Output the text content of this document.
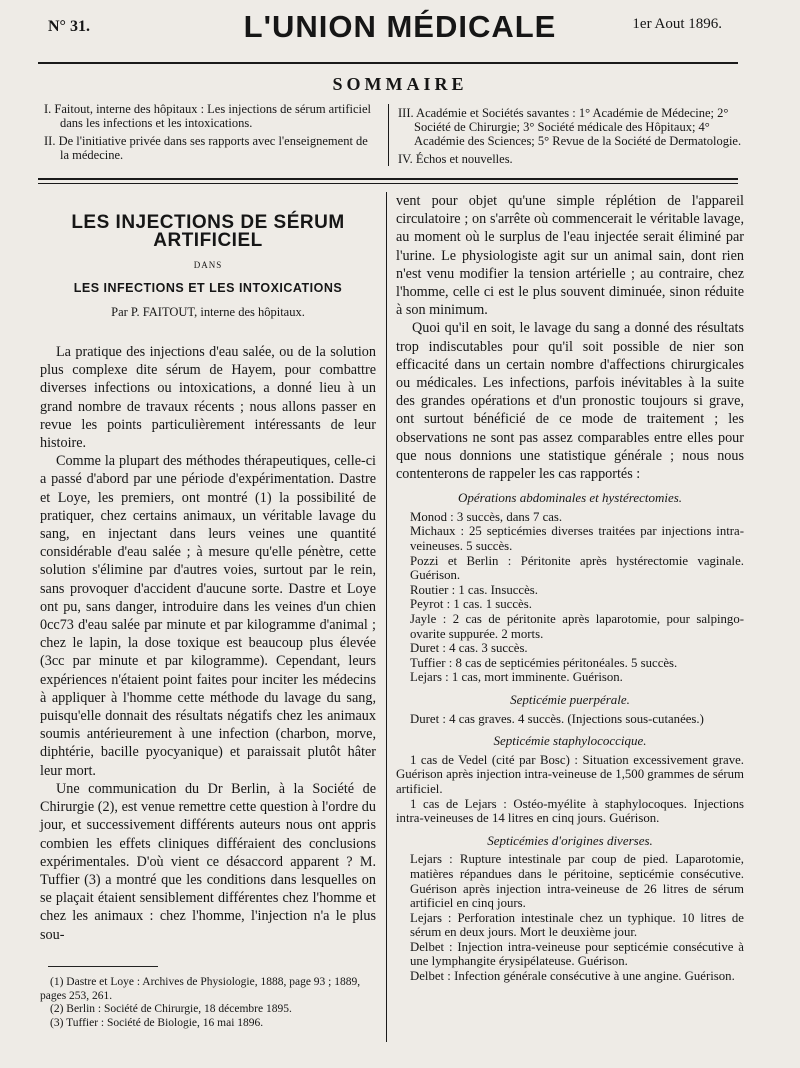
N° 31.	L'UNION MÉDICALE	1er Aout 1896.
SOMMAIRE

I. Faitout, interne des hôpitaux : Les injections de sérum artificiel dans les infections et les intoxications.

II. De l'initiative privée dans ses rapports avec l'enseignement de la médecine.

III. Académie et Sociétés savantes : 1° Académie de Médecine; 2° Société de Chirurgie; 3° Société médicale des Hôpitaux; 4° Académie des Sciences; 5° Revue de la Société de Dermatologie.

IV. Échos et nouvelles.

LES INJECTIONS DE SÉRUM ARTIFICIEL
DANS
LES INFECTIONS ET LES INTOXICATIONS
Par P. FAITOUT, interne des hôpitaux.

La pratique des injections d'eau salée, ou de la solution plus complexe dite sérum de Hayem, pour combattre diverses infections ou intoxications, a donné lieu à un grand nombre de travaux récents ; nous allons passer en revue les points particulièrement intéressants de leur histoire.

Comme la plupart des méthodes thérapeutiques, celle-ci a passé d'abord par une période d'expérimentation. Dastre et Loye, les premiers, ont montré (1) la possibilité de pratiquer, chez certains animaux, un véritable lavage du sang, en injectant dans leurs veines une quantité considérable d'eau salée ; à mesure qu'elle pénètre, cette solution s'élimine par d'autres voies, surtout par le rein, sans provoquer d'accident d'aucune sorte. Dastre et Loye ont pu, sans danger, introduire dans les veines d'un chien 0cc73 d'eau salée par minute et par kilogramme d'animal ; chez le lapin, la dose toxique est beaucoup plus élevée (3cc par minute et par kilogramme). Cependant, leurs expériences n'étaient point faites pour inciter les médecins à appliquer à l'homme cette méthode du lavage du sang, puisqu'elle donnait des résultats négatifs chez les animaux soumis antérieurement à une infection (charbon, morve, diphtérie, bacille pyocyanique) et paraissait plutôt hâter leur mort.

Une communication du Dr Berlin, à la Société de Chirurgie (2), est venue remettre cette question à l'ordre du jour, et successivement différents auteurs nous ont appris combien les effets cliniques différaient des conclusions expérimentales. D'où vient ce désaccord apparent ? M. Tuffier (3) a montré que les conditions dans lesquelles on se plaçait étaient sensiblement différentes chez l'homme et chez les animaux : chez l'homme, l'injection n'a le plus sou-

vent pour objet qu'une simple réplétion de l'appareil circulatoire ; on s'arrête où commencerait le véritable lavage, au moment où le surplus de l'eau injectée serait éliminé par l'urine. Le physiologiste agit sur un animal sain, dont rien n'est venu modifier la tension artérielle ; au contraire, chez l'homme, celle ci est le plus souvent diminuée, sinon réduite à son minimum.

Quoi qu'il en soit, le lavage du sang a donné des résultats trop indiscutables pour qu'il soit possible de nier son efficacité dans un certain nombre d'affections chirurgicales ou médicales. Les infections, parfois inévitables à la suite des grandes opérations et d'un pronostic toujours si grave, ont surtout bénéficié de ce mode de traitement ; les observations ne sont pas assez comparables entre elles pour que nous donnions une statistique générale ; nous nous contenterons de rappeler les cas rapportés :

Opérations abdominales et hystérectomies.

Monod : 3 succès, dans 7 cas.

Michaux : 25 septicémies diverses traitées par injections intra-veineuses. 5 succès.

Pozzi et Berlin : Péritonite après hystérectomie vaginale. Guérison.

Routier : 1 cas. Insuccès.

Peyrot : 1 cas. 1 succès.

Jayle : 2 cas de péritonite après laparotomie, pour salpingo-ovarite suppurée. 2 morts.

Duret : 4 cas. 3 succès.

Tuffier : 8 cas de septicémies péritonéales. 5 succès.

Lejars : 1 cas, mort imminente. Guérison.

Septicémie puerpérale.

Duret : 4 cas graves. 4 succès. (Injections sous-cutanées.)

Septicémie staphylococcique.

1 cas de Vedel (cité par Bosc) : Situation excessivement grave. Guérison après injection intra-veineuse de 1,500 grammes de sérum artificiel.

1 cas de Lejars : Ostéo-myélite à staphylocoques. Injections intra-veineuses de 14 litres en cinq jours. Guérison.

Septicémies d'origines diverses.

Lejars : Rupture intestinale par coup de pied. Laparotomie, matières répandues dans le péritoine, septicémie consécutive. Guérison après injection intra-veineuse de 26 litres de sérum artificiel en cinq jours.

Lejars : Perforation intestinale chez un typhique. 10 litres de sérum en deux jours. Mort le deuxième jour.

Delbet : Injection intra-veineuse pour septicémie consécutive à une lymphangite érysipélateuse. Guérison.

Delbet : Infection générale consécutive à une angine. Guérison.

(1) Dastre et Loye : Archives de Physiologie, 1888, page 93 ; 1889, pages 253, 261.

(2) Berlin : Société de Chirurgie, 18 décembre 1895.

(3) Tuffier : Société de Biologie, 16 mai 1896.
